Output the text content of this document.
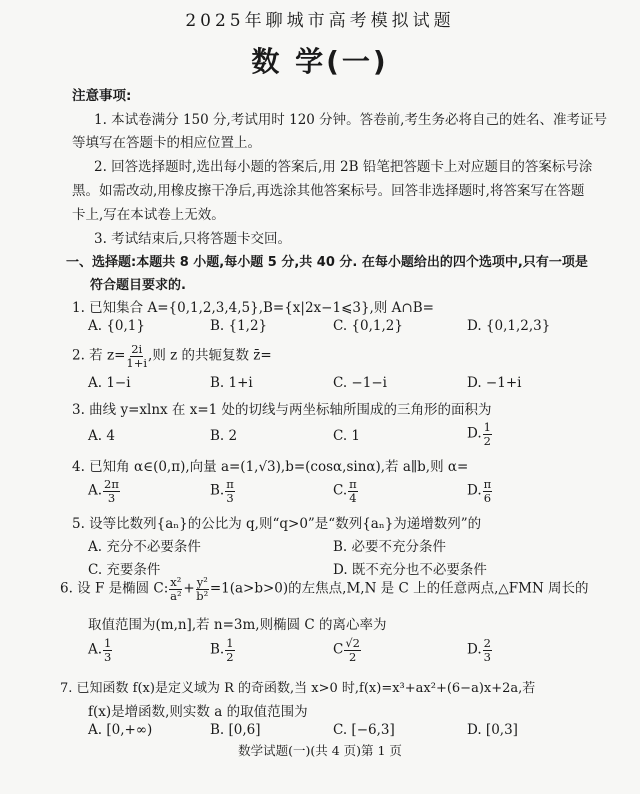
2025年聊城市高考模拟试题
数 学(一)
注意事项:
1. 本试卷满分 150 分,考试用时 120 分钟。答卷前,考生务必将自己的姓名、准考证号
等填写在答题卡的相应位置上。
2. 回答选择题时,选出每小题的答案后,用 2B 铅笔把答题卡上对应题目的答案标号涂
黑。如需改动,用橡皮擦干净后,再选涂其他答案标号。回答非选择题时,将答案写在答题
卡上,写在本试卷上无效。
3. 考试结束后,只将答题卡交回。
一、选择题:本题共 8 小题,每小题 5 分,共 40 分. 在每小题给出的四个选项中,只有一项是
符合题目要求的.
1. 已知集合 A={0,1,2,3,4,5},B={x|2x−1⩽3},则 A∩B=
A. {0,1}	B. {1,2}	C. {0,1,2}	D. {0,1,2,3}
2. 若 $z= \frac{2i}{1+i}$ ,则 z 的共轭复数 z̄=
A. 1−i	B. 1+i	C. −1−i	D. −1+i
3. 曲线 y=xlnx 在 x=1 处的切线与两坐标轴所围成的三角形的面积为
A. 4	B. 2	C. 1	D. $\frac{1}{2}$
4. 已知角 α∈(0,π),向量 a=(1,√3),b=(cosα,sinα),若 a∥b,则 α=
A. $\frac{2\pi}{3}$	B. $\frac{\pi}{3}$	C. $\frac{\pi}{4}$	D. $\frac{\pi}{6}$
5. 设等比数列{aₙ}的公比为 q,则“q>0”是“数列{aₙ}为递增数列”的
A. 充分不必要条件	B. 必要不充分条件
C. 充要条件	D. 既不充分也不必要条件
6. 设 F 是椭圆 C: $\frac{\text{x²}}{\text{a²}} + \frac{\text{y²}}{\text{b²}} =1(a>b>0)$的左焦点,M,N 是 C 上的任意两点,△FMN 周长的
取值范围为(m,n],若 n=3m,则椭圆 C 的离心率为
A. $\frac{1}{3}$	B. $\frac{1}{2}$	C $\frac{√2}{2}$	D. $\frac{2}{3}$
7. 已知函数 f(x)是定义域为 R 的奇函数,当 x>0 时,f(x)=x³+ax²+(6−a)x+2a,若
f(x)是增函数,则实数 a 的取值范围为
A. [0,+∞)	B. [0,6]	C. [−6,3]	D. [0,3]
数学试题(一)(共 4 页)第 1 页
